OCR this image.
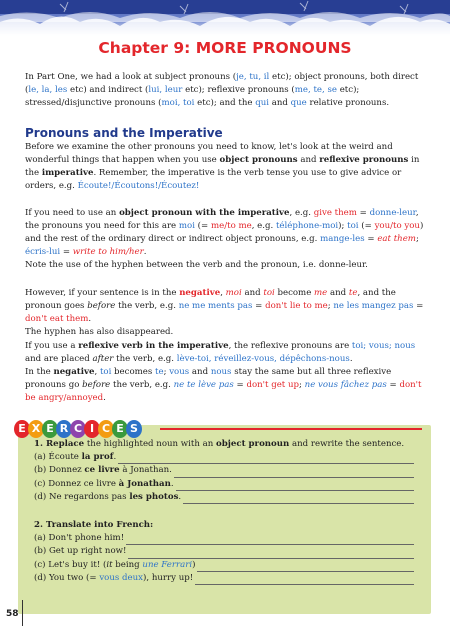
Chapter 9: MORE PRONOUNS
In Part One, we had a look at subject pronouns (je, tu, il etc); object pronouns, both direct (le, la, les etc) and indirect (lui, leur etc); reflexive pronouns (me, te, se etc); stressed/disjunctive pronouns (moi, toi etc); and the qui and que relative pronouns.
Pronouns and the Imperative
Before we examine the other pronouns you need to know, let's look at the weird and wonderful things that happen when you use object pronouns and reflexive pronouns in the imperative. Remember, the imperative is the verb tense you use to give advice or orders, e.g. Écoute!/Écoutons!/Écoutez!
If you need to use an object pronoun with the imperative, e.g. give them = donne-leur, the pronouns you need for this are moi (= me/to me, e.g. téléphone-moi); toi (= you/to you) and the rest of the ordinary direct or indirect object pronouns, e.g. mange-les = eat them; écris-lui = write to him/her.
Note the use of the hyphen between the verb and the pronoun, i.e. donne-leur.
However, if your sentence is in the negative, moi and toi become me and te, and the pronoun goes before the verb, e.g. ne me ments pas = don't lie to me; ne les mangez pas = don't eat them.
The hyphen has also disappeared.
If you use a reflexive verb in the imperative, the reflexive pronouns are toi; vous; nous and are placed after the verb, e.g. lève-toi, réveillez-vous, dépêchons-nous.
In the negative, toi becomes te; vous and nous stay the same but all three reflexive pronouns go before the verb, e.g. ne te lève pas = don't get up; ne vous fâchez pas = don't be angry/annoyed.
E X E R C I C E S
1. Replace the highlighted noun with an object pronoun and rewrite the sentence.
(a) Écoute la prof.
(b) Donnez ce livre à Jonathan.
(c) Donnez ce livre à Jonathan.
(d) Ne regardons pas les photos.
2. Translate into French:
(a) Don't phone him!
(b) Get up right now!
(c) Let's buy it! (it being une Ferrari)
(d) You two (= vous deux), hurry up!
58
